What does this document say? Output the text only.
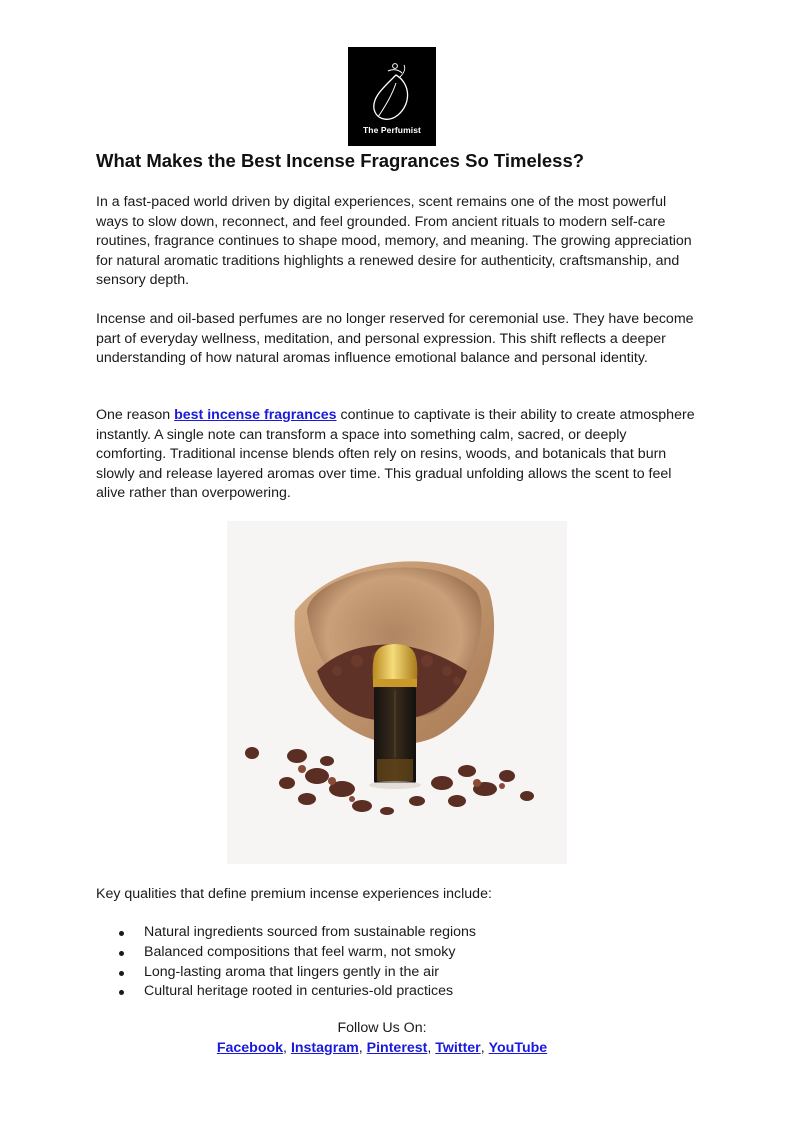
The Perfumist
What Makes the Best Incense Fragrances So Timeless?

In a fast-paced world driven by digital experiences, scent remains one of the most powerful ways to slow down, reconnect, and feel grounded. From ancient rituals to modern self-care routines, fragrance continues to shape mood, memory, and meaning. The growing appreciation for natural aromatic traditions highlights a renewed desire for authenticity, craftsmanship, and sensory depth.

Incense and oil-based perfumes are no longer reserved for ceremonial use. They have become part of everyday wellness, meditation, and personal expression. This shift reflects a deeper understanding of how natural aromas influence emotional balance and personal identity.

One reason best incense fragrances continue to captivate is their ability to create atmosphere instantly. A single note can transform a space into something calm, sacred, or deeply comforting. Traditional incense blends often rely on resins, woods, and botanicals that burn slowly and release layered aromas over time. This gradual unfolding allows the scent to feel alive rather than overpowering.

Key qualities that define premium incense experiences include:

Natural ingredients sourced from sustainable regions
Balanced compositions that feel warm, not smoky
Long-lasting aroma that lingers gently in the air
Cultural heritage rooted in centuries-old practices
Follow Us On:
Facebook, Instagram, Pinterest, Twitter, YouTube
